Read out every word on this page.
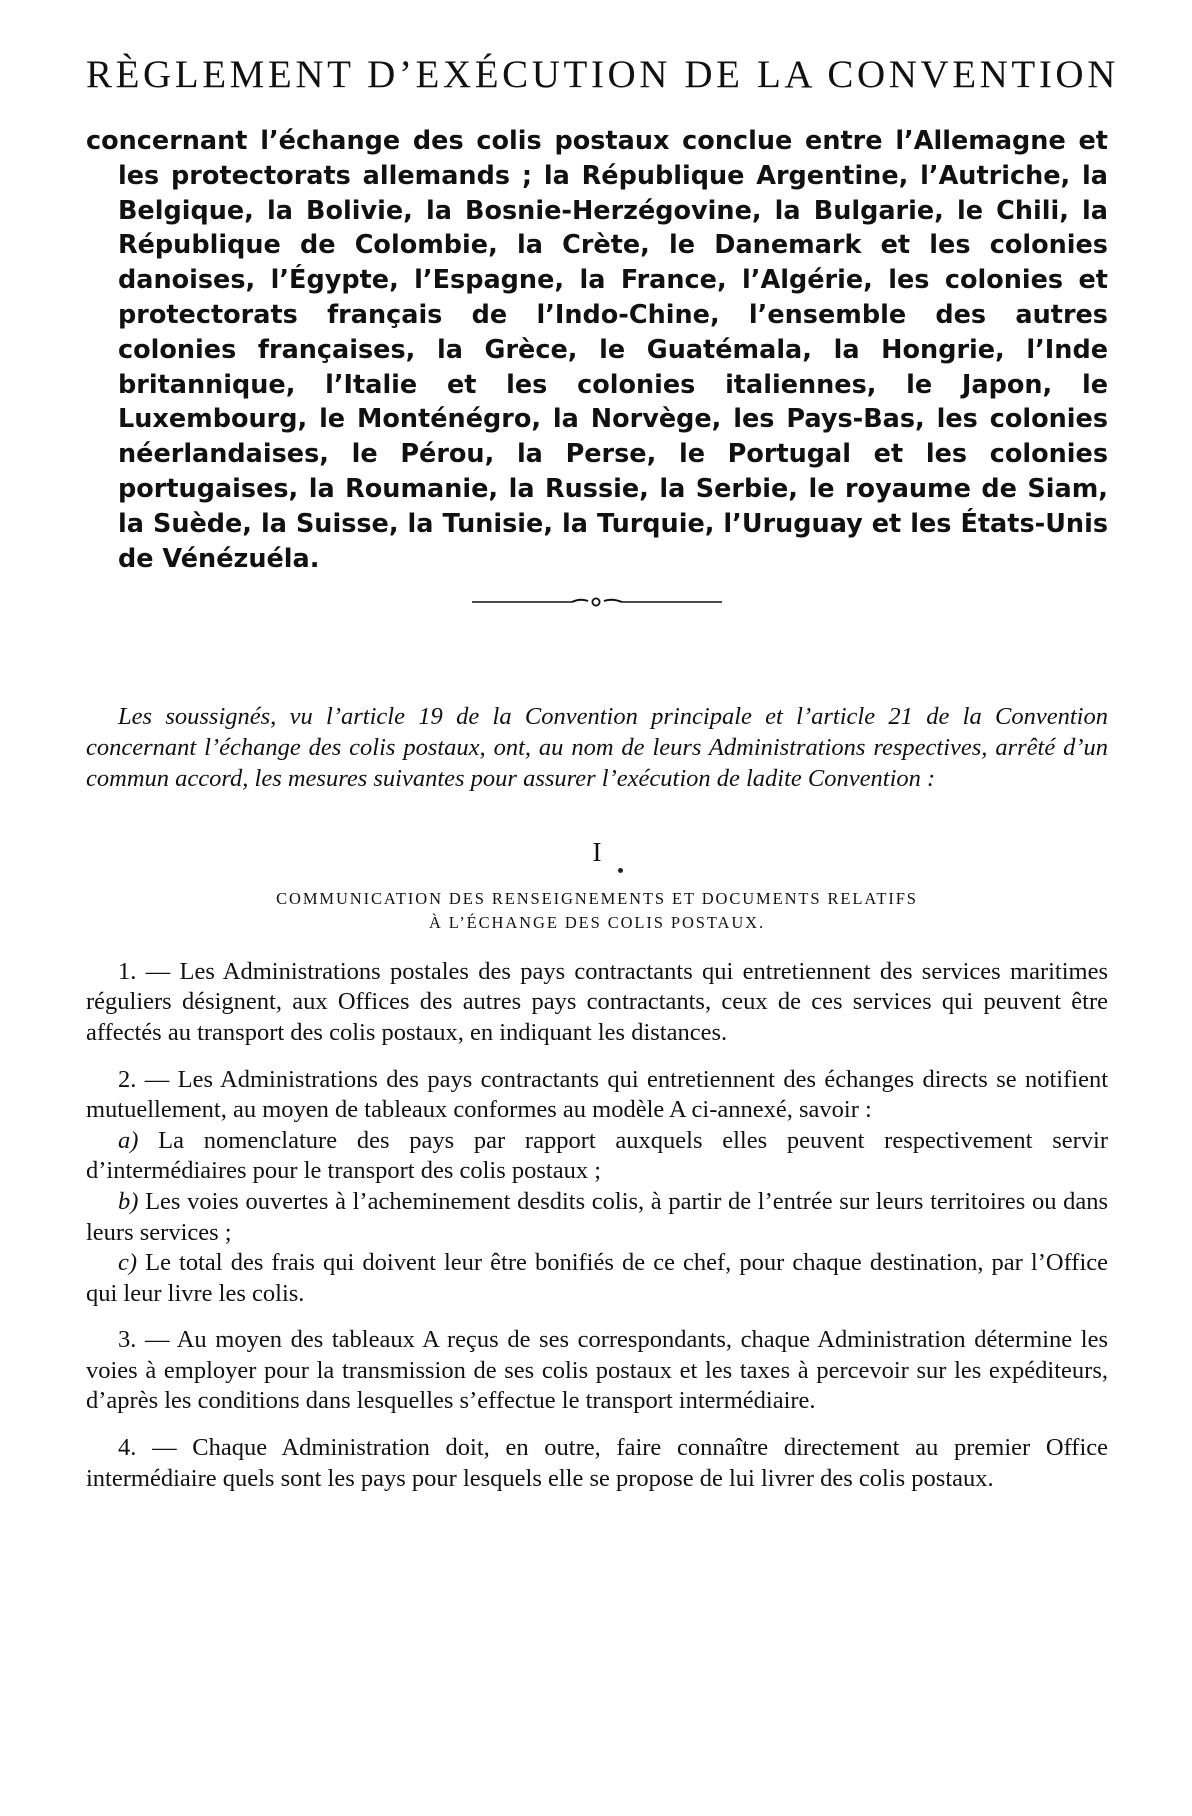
RÈGLEMENT D’EXÉCUTION DE LA CONVENTION

concernant l’échange des colis postaux conclue entre l’Allemagne et les protectorats allemands ; la République Argentine, l’Autriche, la Belgique, la Bolivie, la Bosnie-Herzégovine, la Bulgarie, le Chili, la République de Colombie, la Crète, le Danemark et les colonies danoises, l’Égypte, l’Espagne, la France, l’Algérie, les colonies et protectorats français de l’Indo-Chine, l’ensemble des autres colonies françaises, la Grèce, le Guatémala, la Hongrie, l’Inde britannique, l’Italie et les colonies italiennes, le Japon, le Luxembourg, le Monténégro, la Norvège, les Pays-Bas, les colonies néerlandaises, le Pérou, la Perse, le Portugal et les colonies portugaises, la Roumanie, la Russie, la Serbie, le royaume de Siam, la Suède, la Suisse, la Tunisie, la Turquie, l’Uruguay et les États-Unis de Vénézuéla.

Les soussignés, vu l’article 19 de la Convention principale et l’article 21 de la Convention concernant l’échange des colis postaux, ont, au nom de leurs Administrations respectives, arrêté d’un commun accord, les mesures suivantes pour assurer l’exécution de ladite Convention :

I
COMMUNICATION DES RENSEIGNEMENTS ET DOCUMENTS RELATIFS
À L’ÉCHANGE DES COLIS POSTAUX.

1. — Les Administrations postales des pays contractants qui entretiennent des services maritimes réguliers désignent, aux Offices des autres pays contractants, ceux de ces services qui peuvent être affectés au transport des colis postaux, en indiquant les distances.

2. — Les Administrations des pays contractants qui entretiennent des échanges directs se notifient mutuellement, au moyen de tableaux conformes au modèle A ci-annexé, savoir :

a) La nomenclature des pays par rapport auxquels elles peuvent respectivement servir d’intermédiaires pour le transport des colis postaux ;

b) Les voies ouvertes à l’acheminement desdits colis, à partir de l’entrée sur leurs territoires ou dans leurs services ;

c) Le total des frais qui doivent leur être bonifiés de ce chef, pour chaque destination, par l’Office qui leur livre les colis.

3. — Au moyen des tableaux A reçus de ses correspondants, chaque Administration détermine les voies à employer pour la transmission de ses colis postaux et les taxes à percevoir sur les expéditeurs, d’après les conditions dans lesquelles s’effectue le transport intermédiaire.

4. — Chaque Administration doit, en outre, faire connaître directement au premier Office intermédiaire quels sont les pays pour lesquels elle se propose de lui livrer des colis postaux.
